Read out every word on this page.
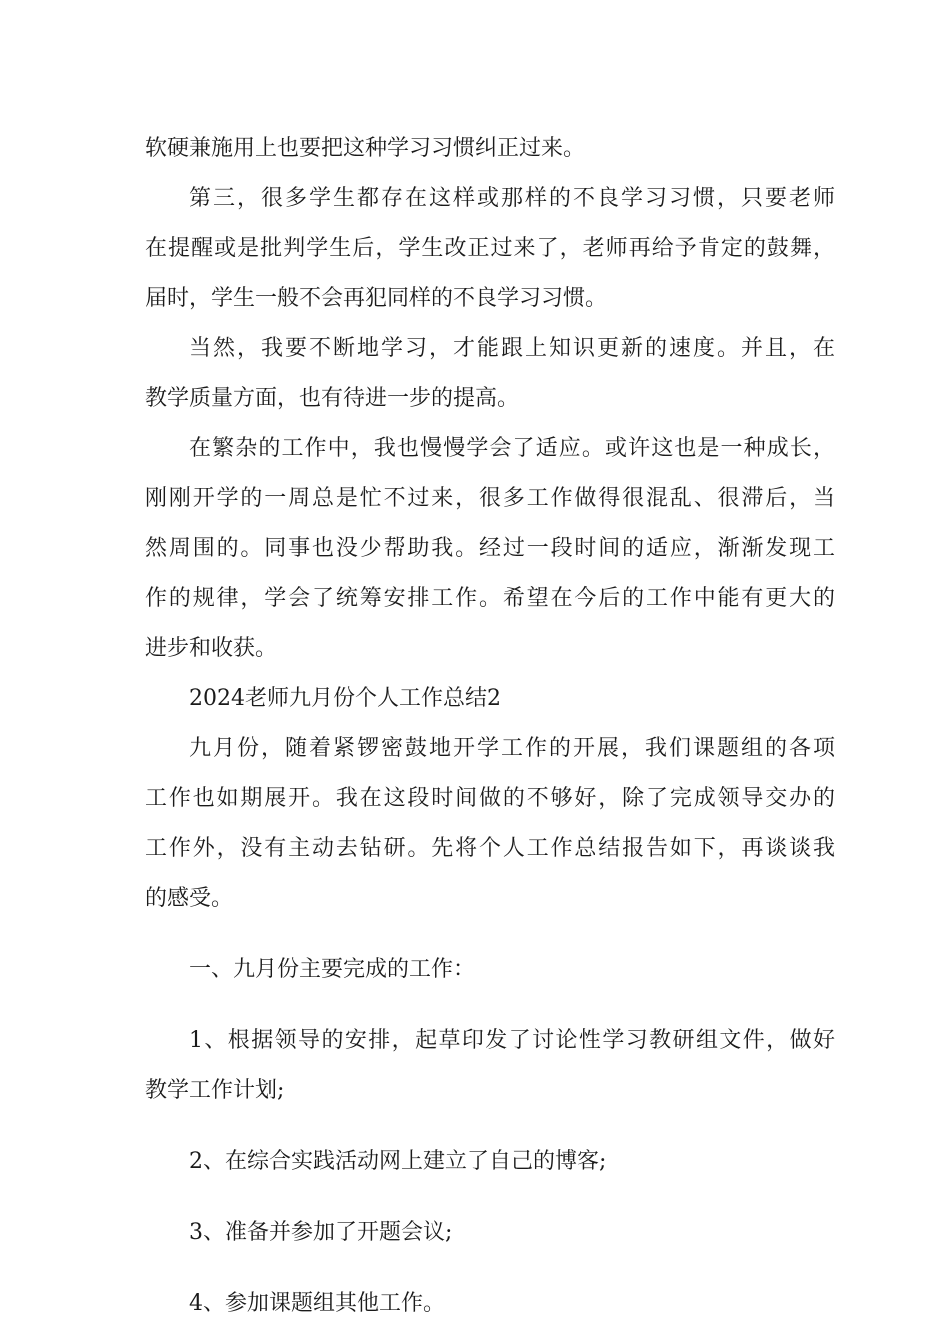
软硬兼施用上也要把这种学习习惯纠正过来。
第三，很多学生都存在这样或那样的不良学习习惯，只要老师
在提醒或是批判学生后，学生改正过来了，老师再给予肯定的鼓舞，
届时，学生一般不会再犯同样的不良学习习惯。
当然，我要不断地学习，才能跟上知识更新的速度。并且，在
教学质量方面，也有待进一步的提高。
在繁杂的工作中，我也慢慢学会了适应。或许这也是一种成长，
刚刚开学的一周总是忙不过来，很多工作做得很混乱、很滞后，当
然周围的。同事也没少帮助我。经过一段时间的适应，渐渐发现工
作的规律，学会了统筹安排工作。希望在今后的工作中能有更大的
进步和收获。
2024老师九月份个人工作总结2
九月份，随着紧锣密鼓地开学工作的开展，我们课题组的各项
工作也如期展开。我在这段时间做的不够好，除了完成领导交办的
工作外，没有主动去钻研。先将个人工作总结报告如下，再谈谈我
的感受。
一、九月份主要完成的工作：
1、根据领导的安排，起草印发了讨论性学习教研组文件，做好
教学工作计划;
2、在综合实践活动网上建立了自己的博客;
3、准备并参加了开题会议;
4、参加课题组其他工作。
